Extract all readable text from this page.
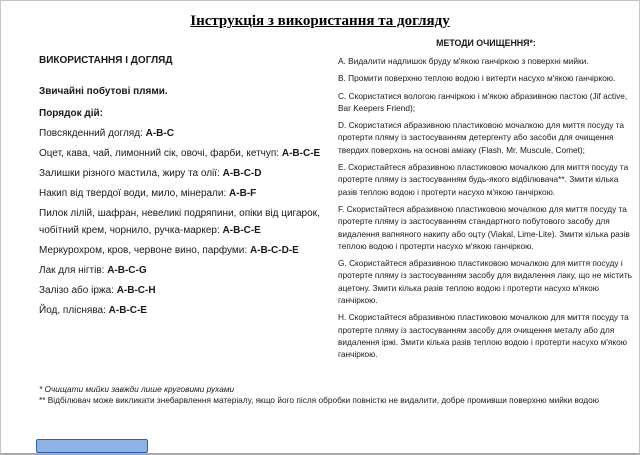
Інструкція з використання та догляду
ВИКОРИСТАННЯ І ДОГЛЯД
Звичайні побутові плями.
Порядок дій:

Повсякденний догляд: A-B-C

Оцет, кава, чай, лимонний сік, овочі, фарби, кетчуп: A-B-C-E

Залишки різного мастила, жиру та олії: A-B-C-D

Накип від твердої води, мило, мінерали: A-B-F

Пилок лілій, шафран, невеликі подряпини, опіки від цигарок, чобітний крем, чорнило, ручка-маркер: A-B-C-E

Меркурохром, кров, червоне вино, парфуми: A-B-C-D-E

Лак для нігтів: A-B-C-G

Залізо або іржа: A-B-C-H

Йод, пліснява: A-B-C-E

МЕТОДИ ОЧИЩЕННЯ*:

A. Видалити надлишок бруду м'якою ганчіркою з поверхні мийки.

B. Промити поверхню теплою водою і витерти насухо м'якою ганчіркою.

C. Скористатися вологою ганчіркою і м'якою абразивною пастою (Jif active, Bar Keepers Friend);

D. Скористатися абразивною пластиковою мочалкою для миття посуду та протерти пляму із застосуванням детергенту або засоби для очищення твердих поверхонь на основі аміаку (Flash, Mr. Muscule, Comet);

E. Скористайтеся абразивною пластиковою мочалкою для миття посуду та протерте пляму із застосуванням будь-якого відбілювача**. Змити кілька разів теплою водою і протерти насухо м'якою ганчіркою.

F. Скористайтеся абразивною пластиковою мочалкою для миття посуду та протерте пляму із застосуванням стандартного побутового засобу для видалення вапняного накипу або оцту (Viakal, Lime-Lite). Змити кілька разів теплою водою і протерти насухо м'якою ганчіркою.

G. Скористайтеся абразивною пластиковою мочалкою для миття посуду і протерте пляму із застосуванням засобу для видалення лаку, що не містить ацетону. Змити кілька разів теплою водою і протерти насухо м'якою ганчіркою.

H. Скористайтеся абразивною пластиковою мочалкою для миття посуду та протерте пляму із застосуванням засобу для очищення металу або для видалення іржі. Змити кілька разів теплою водою і протерти насухо м'якою ганчіркою.

* Очищати мийки завжди лише круговими рухами

** Відбілювач може викликати знебарвлення матеріалу, якщо його після обробки повністю не видалити, добре промивши поверхню мийки водою
